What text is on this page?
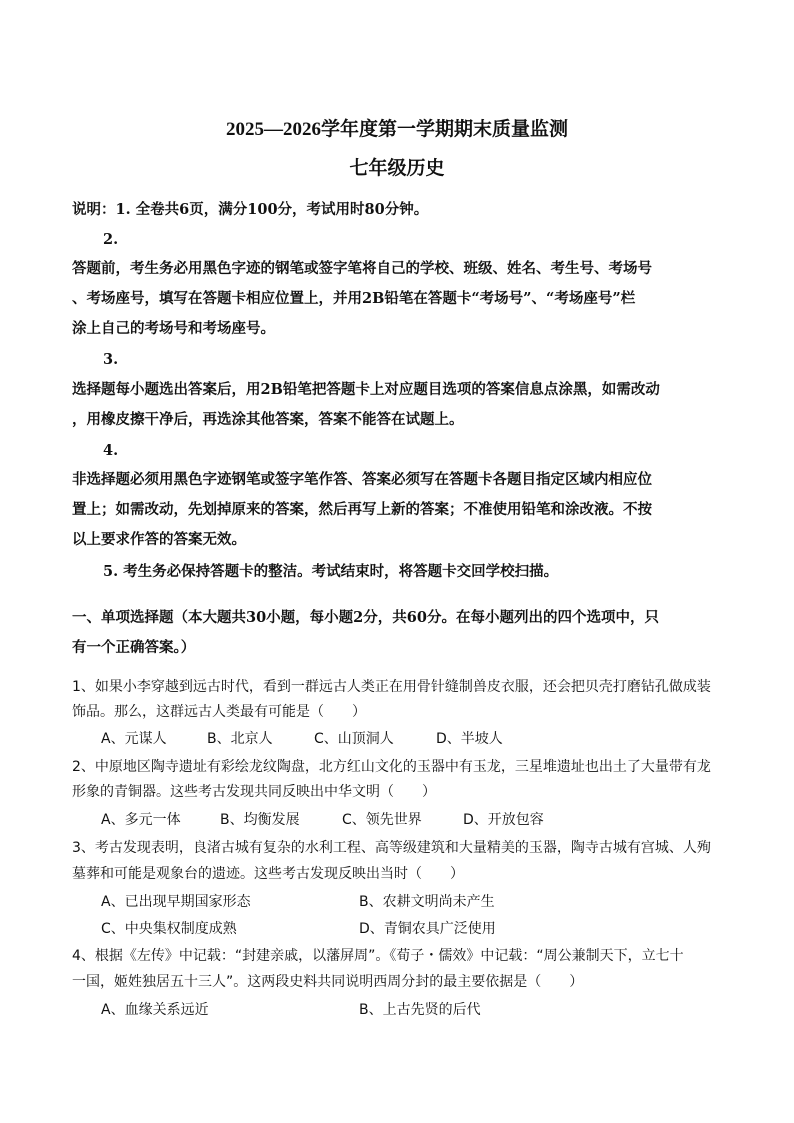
2025—2026学年度第一学期期末质量监测
七年级历史
说明：1. 全卷共6页，满分100分，考试用时80分钟。
2.
答题前，考生务必用黑色字迹的钢笔或签字笔将自己的学校、班级、姓名、考生号、考场号
、考场座号，填写在答题卡相应位置上，并用2B铅笔在答题卡“考场号”、“考场座号”栏
涂上自己的考场号和考场座号。
3.
选择题每小题选出答案后，用2B铅笔把答题卡上对应题目选项的答案信息点涂黑，如需改动
，用橡皮擦干净后，再选涂其他答案，答案不能答在试题上。
4.
非选择题必须用黑色字迹钢笔或签字笔作答、答案必须写在答题卡各题目指定区域内相应位
置上；如需改动，先划掉原来的答案，然后再写上新的答案；不准使用铅笔和涂改液。不按
以上要求作答的答案无效。
5. 考生务必保持答题卡的整洁。考试结束时，将答题卡交回学校扫描。
一、单项选择题（本大题共30小题，每小题2分，共60分。在每小题列出的四个选项中，只
有一个正确答案。）
1、如果小李穿越到远古时代，看到一群远古人类正在用骨针缝制兽皮衣服，还会把贝壳打磨钻孔做成装
饰品。那么，这群远古人类最有可能是（　　）
A、元谋人	B、北京人	C、山顶洞人	D、半坡人
2、中原地区陶寺遗址有彩绘龙纹陶盘，北方红山文化的玉器中有玉龙，三星堆遗址也出土了大量带有龙
形象的青铜器。这些考古发现共同反映出中华文明（　　）
A、多元一体	B、均衡发展	C、领先世界	D、开放包容
3、考古发现表明，良渚古城有复杂的水利工程、高等级建筑和大量精美的玉器，陶寺古城有宫城、人殉
墓葬和可能是观象台的遗迹。这些考古发现反映出当时（　　）
A、已出现早期国家形态	B、农耕文明尚未产生
C、中央集权制度成熟	D、青铜农具广泛使用
4、根据《左传》中记载：“封建亲戚，以藩屏周”。《荀子・儒效》中记载：“周公兼制天下，立七十
一国，姬姓独居五十三人”。这两段史料共同说明西周分封的最主要依据是（　　）
A、血缘关系远近	B、上古先贤的后代
